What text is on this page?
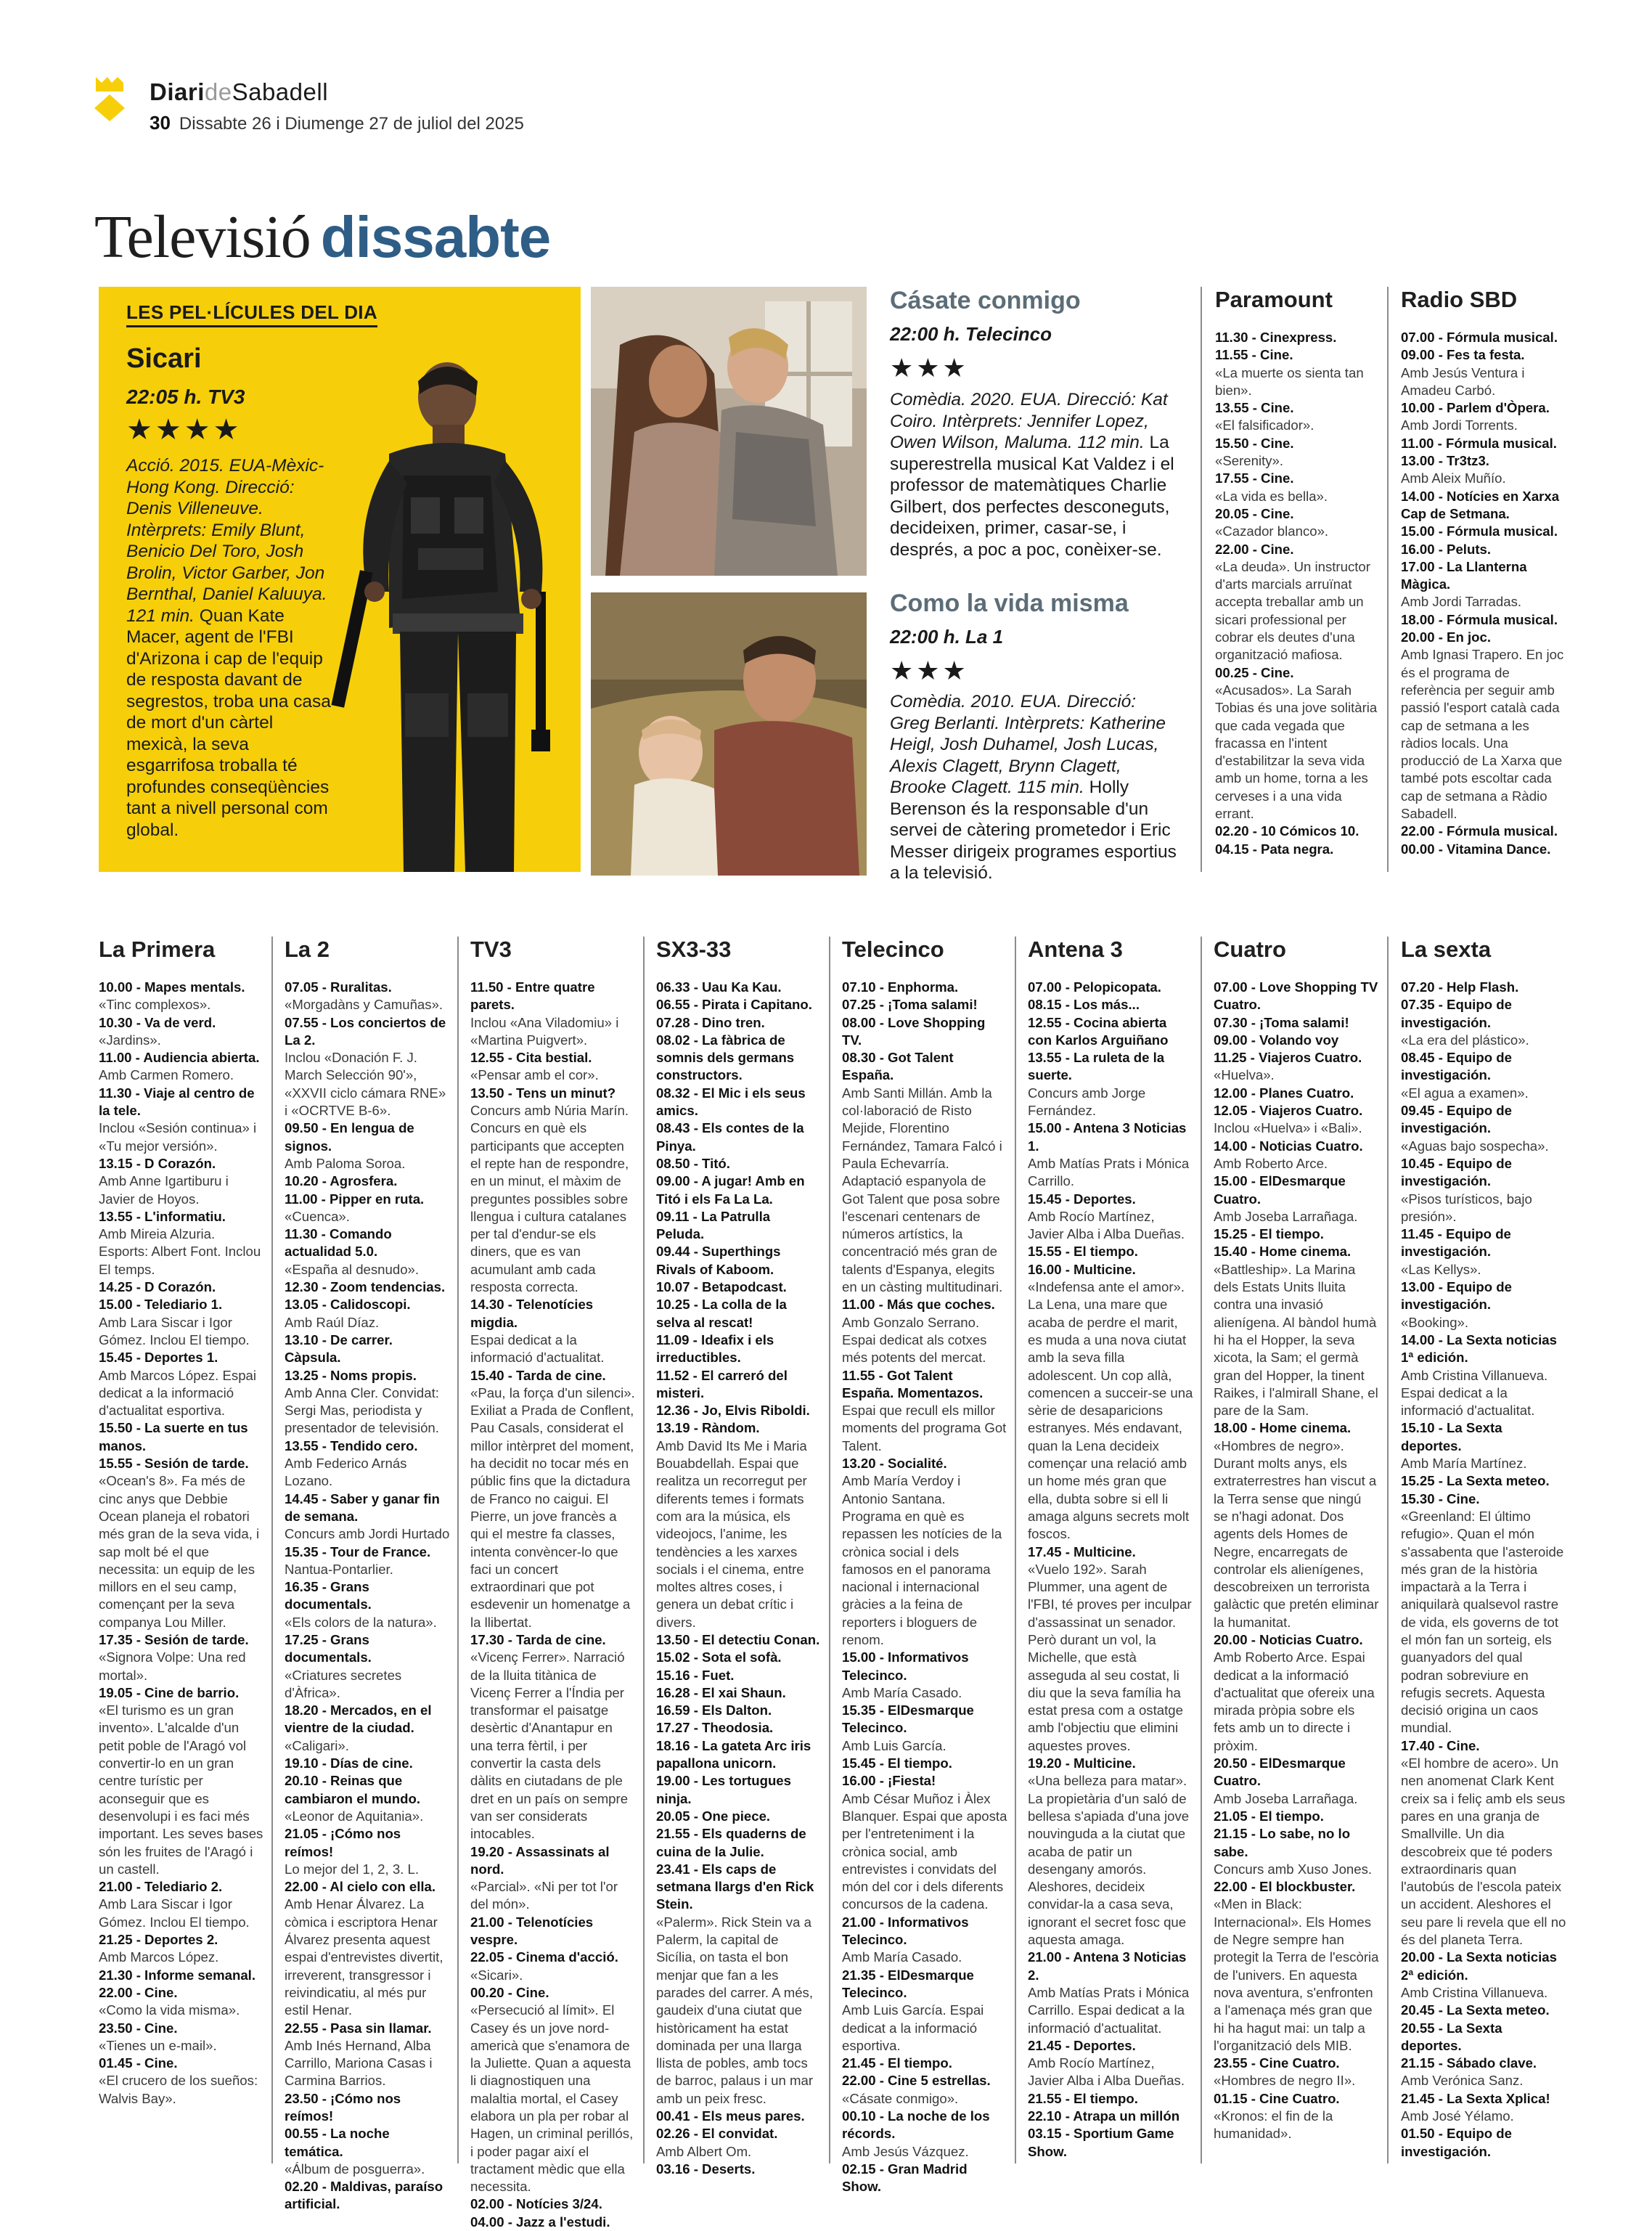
DiarideSabadell
30 Dissabte 26 i Diumenge 27 de juliol del 2025
Televisió dissabte
LES PEL·LÍCULES DEL DIA
Sicari
22:05 h. TV3
★★★★
Acció. 2015. EUA-Mèxic-Hong Kong. Direcció: Denis Villeneuve. Intèrprets: Emily Blunt, Benicio Del Toro, Josh Brolin, Victor Garber, Jon Bernthal, Daniel Kaluuya. 121 min. Quan Kate Macer, agent de l'FBI d'Arizona i cap de l'equip de resposta davant de segrestos, troba una casa de mort d'un càrtel mexicà, la seva esgarrifosa troballa té profundes conseqüències tant a nivell personal com global.
Cásate conmigo
22:00 h. Telecinco
★★★
Comèdia. 2020. EUA. Direcció: Kat Coiro. Intèrprets: Jennifer Lopez, Owen Wilson, Maluma. 112 min. La superestrella musical Kat Valdez i el professor de matemàtiques Charlie Gilbert, dos perfectes desconeguts, decideixen, primer, casar-se, i després, a poc a poc, conèixer-se.
Como la vida misma
22:00 h. La 1
★★★
Comèdia. 2010. EUA. Direcció: Greg Berlanti. Intèrprets: Katherine Heigl, Josh Duhamel, Josh Lucas, Alexis Clagett, Brynn Clagett, Brooke Clagett. 115 min. Holly Berenson és la responsable d'un servei de càtering prometedor i Eric Messer dirigeix programes esportius a la televisió.
Paramount

11.30 - Cinexpress.

11.55 - Cine.
«La muerte os sienta tan bien».

13.55 - Cine.
«El falsificador».

15.50 - Cine.
«Serenity».

17.55 - Cine.
«La vida es bella».

20.05 - Cine.
«Cazador blanco».

22.00 - Cine.
«La deuda». Un instructor d'arts marcials arruïnat accepta treballar amb un sicari professional per cobrar els deutes d'una organització mafiosa.

00.25 - Cine.
«Acusados». La Sarah Tobias és una jove solitària que cada vegada que fracassa en l'intent d'estabilitzar la seva vida amb un home, torna a les cerveses i a una vida errant.

02.20 - 10 Cómicos 10.

04.15 - Pata negra.

Radio SBD

07.00 - Fórmula musical.

09.00 - Fes ta festa.
Amb Jesús Ventura i Amadeu Carbó.

10.00 - Parlem d'Òpera.
Amb Jordi Torrents.

11.00 - Fórmula musical.

13.00 - Tr3tz3.
Amb Aleix Muñío.

14.00 - Notícies en Xarxa Cap de Setmana.

15.00 - Fórmula musical.

16.00 - Peluts.

17.00 - La Llanterna Màgica.
Amb Jordi Tarradas.

18.00 - Fórmula musical.

20.00 - En joc.
Amb Ignasi Trapero. En joc és el programa de referència per seguir amb passió l'esport català cada cap de setmana a les ràdios locals. Una producció de La Xarxa que també pots escoltar cada cap de setmana a Ràdio Sabadell.

22.00 - Fórmula musical.

00.00 - Vitamina Dance.

La Primera

10.00 - Mapes mentals.
«Tinc complexos».

10.30 - Va de verd.
«Jardins».

11.00 - Audiencia abierta.
Amb Carmen Romero.

11.30 - Viaje al centro de la tele.
Inclou «Sesión continua» i «Tu mejor versión».

13.15 - D Corazón.
Amb Anne Igartiburu i Javier de Hoyos.

13.55 - L'informatiu.
Amb Mireia Alzuria. Esports: Albert Font. Inclou El temps.

14.25 - D Corazón.

15.00 - Telediario 1.
Amb Lara Siscar i Igor Gómez. Inclou El tiempo.

15.45 - Deportes 1.
Amb Marcos López. Espai dedicat a la informació d'actualitat esportiva.

15.50 - La suerte en tus manos.

15.55 - Sesión de tarde.
«Ocean's 8». Fa més de cinc anys que Debbie Ocean planeja el robatori més gran de la seva vida, i sap molt bé el que necessita: un equip de les millors en el seu camp, començant per la seva companya Lou Miller.

17.35 - Sesión de tarde.
«Signora Volpe: Una red mortal».

19.05 - Cine de barrio.
«El turismo es un gran invento». L'alcalde d'un petit poble de l'Aragó vol convertir-lo en un gran centre turístic per aconseguir que es desenvolupi i es faci més important. Les seves bases són les fruites de l'Aragó i un castell.

21.00 - Telediario 2.
Amb Lara Siscar i Igor Gómez. Inclou El tiempo.

21.25 - Deportes 2.
Amb Marcos López.

21.30 - Informe semanal.

22.00 - Cine.
«Como la vida misma».

23.50 - Cine.
«Tienes un e-mail».

01.45 - Cine.
«El crucero de los sueños: Walvis Bay».

La 2

07.05 - Ruralitas.
«Morgadàns y Camuñas».

07.55 - Los conciertos de La 2.
Inclou «Donación F. J. March Selección 90'», «XXVII ciclo cámara RNE» i «OCRTVE B-6».

09.50 - En lengua de signos.
Amb Paloma Soroa.

10.20 - Agrosfera.

11.00 - Pipper en ruta.
«Cuenca».

11.30 - Comando actualidad 5.0.
«España al desnudo».

12.30 - Zoom tendencias.

13.05 - Calidoscopi.
Amb Raúl Díaz.

13.10 - De carrer. Càpsula.

13.25 - Noms propis.
Amb Anna Cler. Convidat: Sergi Mas, periodista y presentador de televisión.

13.55 - Tendido cero.
Amb Federico Arnás Lozano.

14.45 - Saber y ganar fin de semana.
Concurs amb Jordi Hurtado

15.35 - Tour de France.
Nantua-Pontarlier.

16.35 - Grans documentals.
«Els colors de la natura».

17.25 - Grans documentals.
«Criatures secretes d'Àfrica».

18.20 - Mercados, en el vientre de la ciudad.
«Caligari».

19.10 - Días de cine.

20.10 - Reinas que cambiaron el mundo.
«Leonor de Aquitania».

21.05 - ¡Cómo nos reímos!
Lo mejor del 1, 2, 3. L.

22.00 - Al cielo con ella.
Amb Henar Álvarez. La còmica i escriptora Henar Álvarez presenta aquest espai d'entrevistes divertit, irreverent, transgressor i reivindicatiu, al més pur estil Henar.

22.55 - Pasa sin llamar.
Amb Inés Hernand, Alba Carrillo, Mariona Casas i Carmina Barrios.

23.50 - ¡Cómo nos reímos!

00.55 - La noche temática.
«Álbum de posguerra».

02.20 - Maldivas, paraíso artificial.

TV3

11.50 - Entre quatre parets.
Inclou «Ana Viladomiu» i «Martina Puigvert».

12.55 - Cita bestial.
«Pensar amb el cor».

13.50 - Tens un minut?
Concurs amb Núria Marín. Concurs en què els participants que accepten el repte han de respondre, en un minut, el màxim de preguntes possibles sobre llengua i cultura catalanes per tal d'endur-se els diners, que es van acumulant amb cada resposta correcta.

14.30 - Telenotícies migdia.
Espai dedicat a la informació d'actualitat.

15.40 - Tarda de cine.
«Pau, la força d'un silenci». Exiliat a Prada de Conflent, Pau Casals, considerat el millor intèrpret del moment, ha decidit no tocar més en públic fins que la dictadura de Franco no caigui. El Pierre, un jove francès a qui el mestre fa classes, intenta convèncer-lo que faci un concert extraordinari que pot esdevenir un homenatge a la llibertat.

17.30 - Tarda de cine.
«Vicenç Ferrer». Narració de la lluita titànica de Vicenç Ferrer a l'Índia per transformar el paisatge desèrtic d'Anantapur en una terra fèrtil, i per convertir la casta dels dàlits en ciutadans de ple dret en un país on sempre van ser considerats intocables.

19.20 - Assassinats al nord.
«Parcial». «Ni per tot l'or del món».

21.00 - Telenotícies vespre.

22.05 - Cinema d'acció.
«Sicari».

00.20 - Cine.
«Persecució al límit». El Casey és un jove nord-americà que s'enamora de la Juliette. Quan a aquesta li diagnostiquen una malaltia mortal, el Casey elabora un pla per robar al Hagen, un criminal perillós, i poder pagar així el tractament mèdic que ella necessita.

02.00 - Notícies 3/24.

04.00 - Jazz a l'estudi.

SX3-33

06.33 - Uau Ka Kau.

06.55 - Pirata i Capitano.

07.28 - Dino tren.

08.02 - La fàbrica de somnis dels germans constructors.

08.32 - El Mic i els seus amics.

08.43 - Els contes de la Pinya.

08.50 - Titó.

09.00 - A jugar! Amb en Titó i els Fa La La.

09.11 - La Patrulla Peluda.

09.44 - Superthings Rivals of Kaboom.

10.07 - Betapodcast.

10.25 - La colla de la selva al rescat!

11.09 - Ideafix i els irreductibles.

11.52 - El carreró del misteri.

12.36 - Jo, Elvis Riboldi.

13.19 - Ràndom.
Amb David Its Me i Maria Bouabdellah. Espai que realitza un recorregut per diferents temes i formats com ara la música, els videojocs, l'anime, les tendències a les xarxes socials i el cinema, entre moltes altres coses, i genera un debat crític i divers.

13.50 - El detectiu Conan.

15.02 - Sota el sofà.

15.16 - Fuet.

16.28 - El xai Shaun.

16.59 - Els Dalton.

17.27 - Theodosia.

18.16 - La gateta Arc iris papallona unicorn.

19.00 - Les tortugues ninja.

20.05 - One piece.

21.55 - Els quaderns de cuina de la Julie.

23.41 - Els caps de setmana llargs d'en Rick Stein.
«Palerm». Rick Stein va a Palerm, la capital de Sicília, on tasta el bon menjar que fan a les parades del carrer. A més, gaudeix d'una ciutat que històricament ha estat dominada per una llarga llista de pobles, amb tocs de barroc, palaus i un mar amb un peix fresc.

00.41 - Els meus pares.

02.26 - El convidat.
Amb Albert Om.

03.16 - Deserts.

Telecinco

07.10 - Enphorma.

07.25 - ¡Toma salami!

08.00 - Love Shopping TV.

08.30 - Got Talent España.
Amb Santi Millán. Amb la col·laboració de Risto Mejide, Florentino Fernández, Tamara Falcó i Paula Echevarría. Adaptació espanyola de Got Talent que posa sobre l'escenari centenars de números artístics, la concentració més gran de talents d'Espanya, elegits en un càsting multitudinari.

11.00 - Más que coches.
Amb Gonzalo Serrano. Espai dedicat als cotxes més potents del mercat.

11.55 - Got Talent España. Momentazos.
Espai que recull els millor moments del programa Got Talent.

13.20 - Socialité.
Amb María Verdoy i Antonio Santana. Programa en què es repassen les notícies de la crònica social i dels famosos en el panorama nacional i internacional gràcies a la feina de reporters i bloguers de renom.

15.00 - Informativos Telecinco.
Amb María Casado.

15.35 - ElDesmarque Telecinco.
Amb Luis García.

15.45 - El tiempo.

16.00 - ¡Fiesta!
Amb César Muñoz i Àlex Blanquer. Espai que aposta per l'entreteniment i la crònica social, amb entrevistes i convidats del món del cor i dels diferents concursos de la cadena.

21.00 - Informativos Telecinco.
Amb María Casado.

21.35 - ElDesmarque Telecinco.
Amb Luis García. Espai dedicat a la informació esportiva.

21.45 - El tiempo.

22.00 - Cine 5 estrellas.
«Cásate conmigo».

00.10 - La noche de los récords.
Amb Jesús Vázquez.

02.15 - Gran Madrid Show.

Antena 3

07.00 - Pelopicopata.

08.15 - Los más...

12.55 - Cocina abierta con Karlos Arguiñano

13.55 - La ruleta de la suerte.
Concurs amb Jorge Fernández.

15.00 - Antena 3 Noticias 1.
Amb Matías Prats i Mónica Carrillo.

15.45 - Deportes.
Amb Rocío Martínez, Javier Alba i Alba Dueñas.

15.55 - El tiempo.

16.00 - Multicine.
«Indefensa ante el amor». La Lena, una mare que acaba de perdre el marit, es muda a una nova ciutat amb la seva filla adolescent. Un cop allà, comencen a succeir-se una sèrie de desaparicions estranyes. Més endavant, quan la Lena decideix començar una relació amb un home més gran que ella, dubta sobre si ell li amaga alguns secrets molt foscos.

17.45 - Multicine.
«Vuelo 192». Sarah Plummer, una agent de l'FBI, té proves per inculpar d'assassinat un senador. Però durant un vol, la Michelle, que està asseguda al seu costat, li diu que la seva família ha estat presa com a ostatge amb l'objectiu que elimini aquestes proves.

19.20 - Multicine.
«Una belleza para matar». La propietària d'un saló de bellesa s'apiada d'una jove nouvinguda a la ciutat que acaba de patir un desengany amorós. Aleshores, decideix convidar-la a casa seva, ignorant el secret fosc que aquesta amaga.

21.00 - Antena 3 Noticias 2.
Amb Matías Prats i Mónica Carrillo. Espai dedicat a la informació d'actualitat.

21.45 - Deportes.
Amb Rocío Martínez, Javier Alba i Alba Dueñas.

21.55 - El tiempo.

22.10 - Atrapa un millón

03.15 - Sportium Game Show.

Cuatro

07.00 - Love Shopping TV Cuatro.

07.30 - ¡Toma salami!

09.00 - Volando voy

11.25 - Viajeros Cuatro.
«Huelva».

12.00 - Planes Cuatro.

12.05 - Viajeros Cuatro.
Inclou «Huelva» i «Bali».

14.00 - Noticias Cuatro.
Amb Roberto Arce.

15.00 - ElDesmarque Cuatro.
Amb Joseba Larrañaga.

15.25 - El tiempo.

15.40 - Home cinema.
«Battleship». La Marina dels Estats Units lluita contra una invasió alienígena. Al bàndol humà hi ha el Hopper, la seva xicota, la Sam; el germà gran del Hopper, la tinent Raikes, i l'almirall Shane, el pare de la Sam.

18.00 - Home cinema.
«Hombres de negro». Durant molts anys, els extraterrestres han viscut a la Terra sense que ningú se n'hagi adonat. Dos agents dels Homes de Negre, encarregats de controlar els alienígenes, descobreixen un terrorista galàctic que pretén eliminar la humanitat.

20.00 - Noticias Cuatro.
Amb Roberto Arce. Espai dedicat a la informació d'actualitat que ofereix una mirada pròpia sobre els fets amb un to directe i pròxim.

20.50 - ElDesmarque Cuatro.
Amb Joseba Larrañaga.

21.05 - El tiempo.

21.15 - Lo sabe, no lo sabe.
Concurs amb Xuso Jones.

22.00 - El blockbuster.
«Men in Black: Internacional». Els Homes de Negre sempre han protegit la Terra de l'escòria de l'univers. En aquesta nova aventura, s'enfronten a l'amenaça més gran que hi ha hagut mai: un talp a l'organització dels MIB.

23.55 - Cine Cuatro.
«Hombres de negro II».

01.15 - Cine Cuatro.
«Kronos: el fin de la humanidad».

La sexta

07.20 - Help Flash.

07.35 - Equipo de investigación.
«La era del plástico».

08.45 - Equipo de investigación.
«El agua a examen».

09.45 - Equipo de investigación.
«Aguas bajo sospecha».

10.45 - Equipo de investigación.
«Pisos turísticos, bajo presión».

11.45 - Equipo de investigación.
«Las Kellys».

13.00 - Equipo de investigación.
«Booking».

14.00 - La Sexta noticias 1ª edición.
Amb Cristina Villanueva. Espai dedicat a la informació d'actualitat.

15.10 - La Sexta deportes.
Amb María Martínez.

15.25 - La Sexta meteo.

15.30 - Cine.
«Greenland: El último refugio». Quan el món s'assabenta que l'asteroide més gran de la història impactarà a la Terra i aniquilarà qualsevol rastre de vida, els governs de tot el món fan un sorteig, els guanyadors del qual podran sobreviure en refugis secrets. Aquesta decisió origina un caos mundial.

17.40 - Cine.
«El hombre de acero». Un nen anomenat Clark Kent creix sa i feliç amb els seus pares en una granja de Smallville. Un dia descobreix que té poders extraordinaris quan l'autobús de l'escola pateix un accident. Aleshores el seu pare li revela que ell no és del planeta Terra.

20.00 - La Sexta noticias 2ª edición.
Amb Cristina Villanueva.

20.45 - La Sexta meteo.

20.55 - La Sexta deportes.

21.15 - Sábado clave.
Amb Verónica Sanz.

21.45 - La Sexta Xplica!
Amb José Yélamo.

01.50 - Equipo de investigación.
